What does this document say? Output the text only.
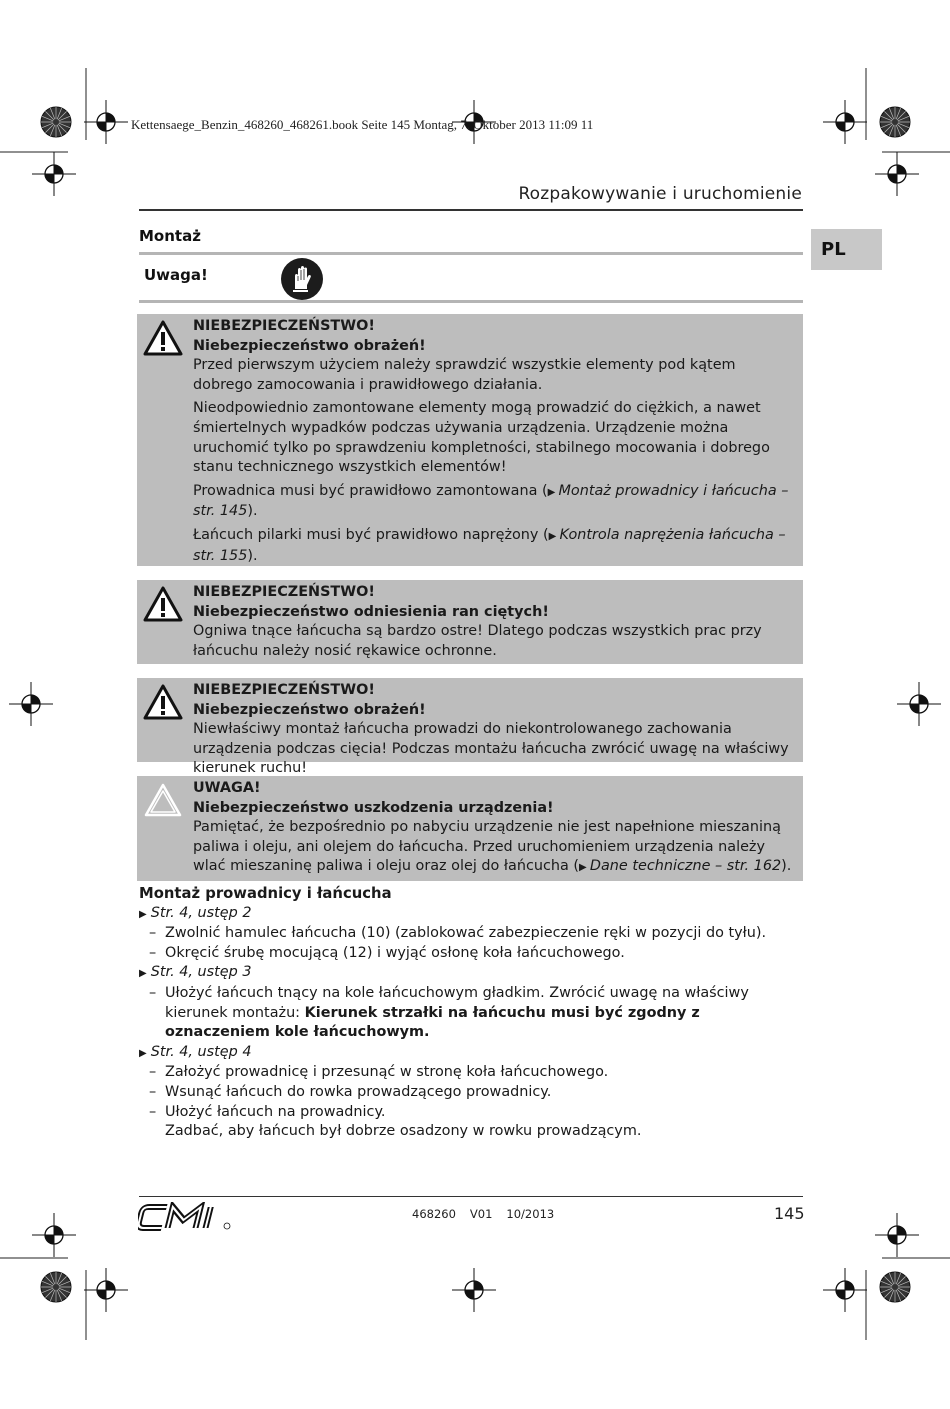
Kettensaege_Benzin_468260_468261.book Seite 145 Montag, 7. Oktober 2013 11:09 11
Rozpakowywanie i uruchomienie
PL
Montaż
Uwaga!

NIEBEZPIECZEŃSTWO!

Niebezpieczeństwo obrażeń!

Przed pierwszym użyciem należy sprawdzić wszystkie elementy pod kątem dobrego zamocowania i prawidłowego działania.

Nieodpowiednio zamontowane elementy mogą prowadzić do ciężkich, a nawet śmiertelnych wypadków podczas używania urządzenia. Urządzenie można uruchomić tylko po sprawdzeniu kompletności, stabilnego mocowania i dobrego stanu technicznego wszystkich elementów!

Prowadnica musi być prawidłowo zamontowana (▶ Montaż prowadnicy i łańcucha – str. 145).

Łańcuch pilarki musi być prawidłowo naprężony (▶ Kontrola naprężenia łańcucha – str. 155).

NIEBEZPIECZEŃSTWO!

Niebezpieczeństwo odniesienia ran ciętych!

Ogniwa tnące łańcucha są bardzo ostre! Dlatego podczas wszystkich prac przy łańcuchu należy nosić rękawice ochronne.

NIEBEZPIECZEŃSTWO!

Niebezpieczeństwo obrażeń!

Niewłaściwy montaż łańcucha prowadzi do niekontrolowanego zachowania urządzenia podczas cięcia! Podczas montażu łańcucha zwrócić uwagę na właściwy kierunek ruchu!

UWAGA!

Niebezpieczeństwo uszkodzenia urządzenia!

Pamiętać, że bezpośrednio po nabyciu urządzenie nie jest napełnione mieszaniną paliwa i oleju, ani olejem do łańcucha. Przed uruchomieniem urządzenia należy wlać mieszaninę paliwa i oleju oraz olej do łańcucha (▶ Dane techniczne – str. 162).

Montaż prowadnicy i łańcucha

▶ Str. 4, ustęp 2

– Zwolnić hamulec łańcucha (10) (zablokować zabezpieczenie ręki w pozycji do tyłu).

– Okręcić śrubę mocującą (12) i wyjąć osłonę koła łańcuchowego.

▶ Str. 4, ustęp 3

– Ułożyć łańcuch tnący na kole łańcuchowym gładkim. Zwrócić uwagę na właściwy kierunek montażu: Kierunek strzałki na łańcuchu musi być zgodny z oznaczeniem kole łańcuchowym.

▶ Str. 4, ustęp 4

– Założyć prowadnicę i przesunąć w stronę koła łańcuchowego.

– Wsunąć łańcuch do rowka prowadzącego prowadnicy.

– Ułożyć łańcuch na prowadnicy.
Zadbać, aby łańcuch był dobrze osadzony w rowku prowadzącym.

468260 V01 10/2013	145
